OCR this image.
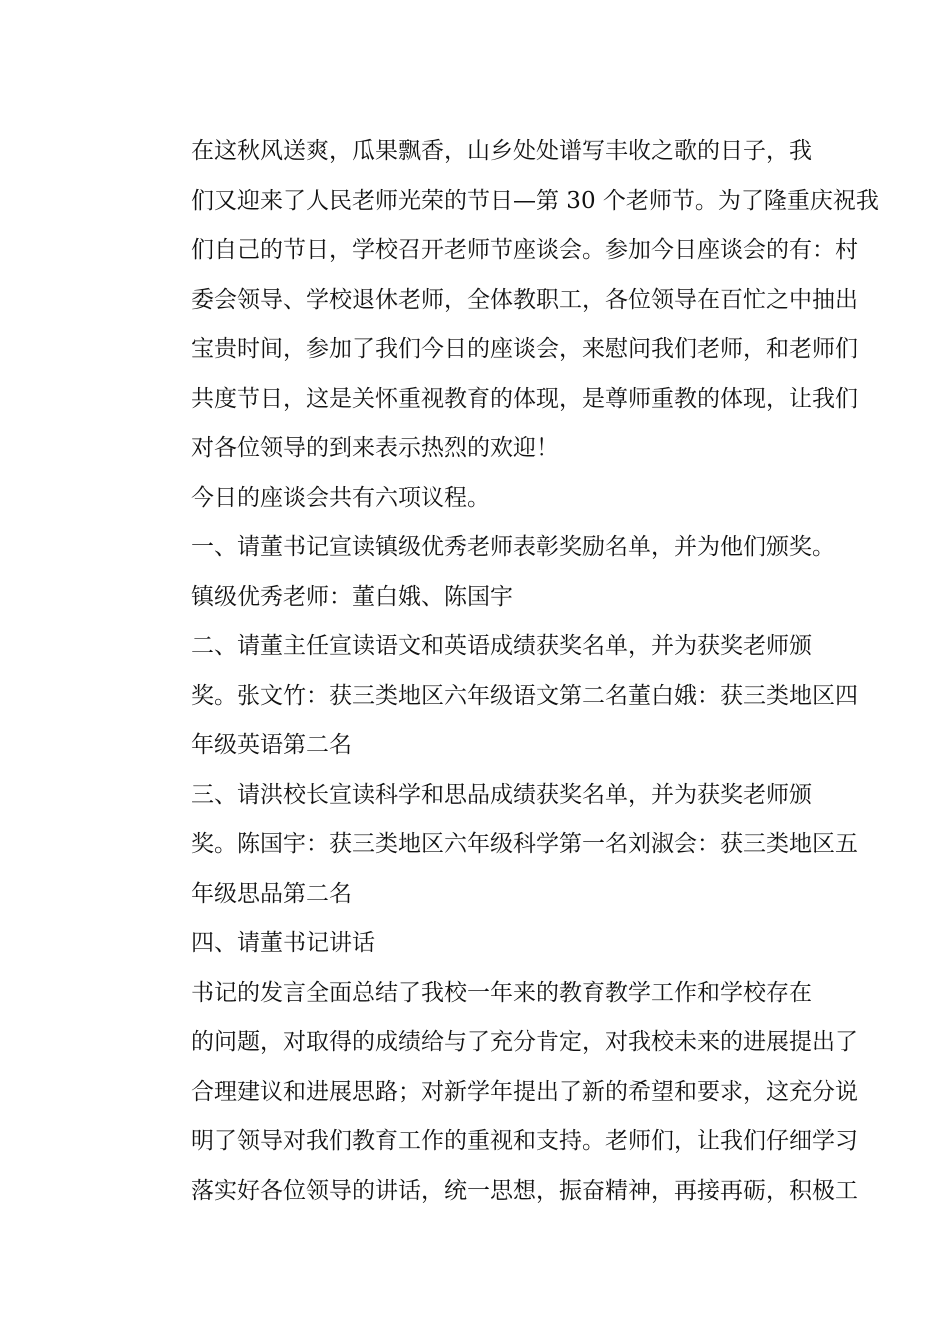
在这秋风送爽，瓜果飘香，山乡处处谱写丰收之歌的日子，我
们又迎来了人民老师光荣的节日—第 30 个老师节。为了隆重庆祝我
们自己的节日，学校召开老师节座谈会。参加今日座谈会的有：村
委会领导、学校退休老师，全体教职工，各位领导在百忙之中抽出
宝贵时间，参加了我们今日的座谈会，来慰问我们老师，和老师们
共度节日，这是关怀重视教育的体现，是尊师重教的体现，让我们
对各位领导的到来表示热烈的欢迎！
今日的座谈会共有六项议程。
一、请董书记宣读镇级优秀老师表彰奖励名单，并为他们颁奖。
镇级优秀老师：董白娥、陈国宇
二、请董主任宣读语文和英语成绩获奖名单，并为获奖老师颁
奖。张文竹：获三类地区六年级语文第二名董白娥：获三类地区四
年级英语第二名
三、请洪校长宣读科学和思品成绩获奖名单，并为获奖老师颁
奖。陈国宇：获三类地区六年级科学第一名刘淑会：获三类地区五
年级思品第二名
四、请董书记讲话
书记的发言全面总结了我校一年来的教育教学工作和学校存在
的问题，对取得的成绩给与了充分肯定，对我校未来的进展提出了
合理建议和进展思路；对新学年提出了新的希望和要求，这充分说
明了领导对我们教育工作的重视和支持。老师们，让我们仔细学习
落实好各位领导的讲话，统一思想，振奋精神，再接再砺，积极工
